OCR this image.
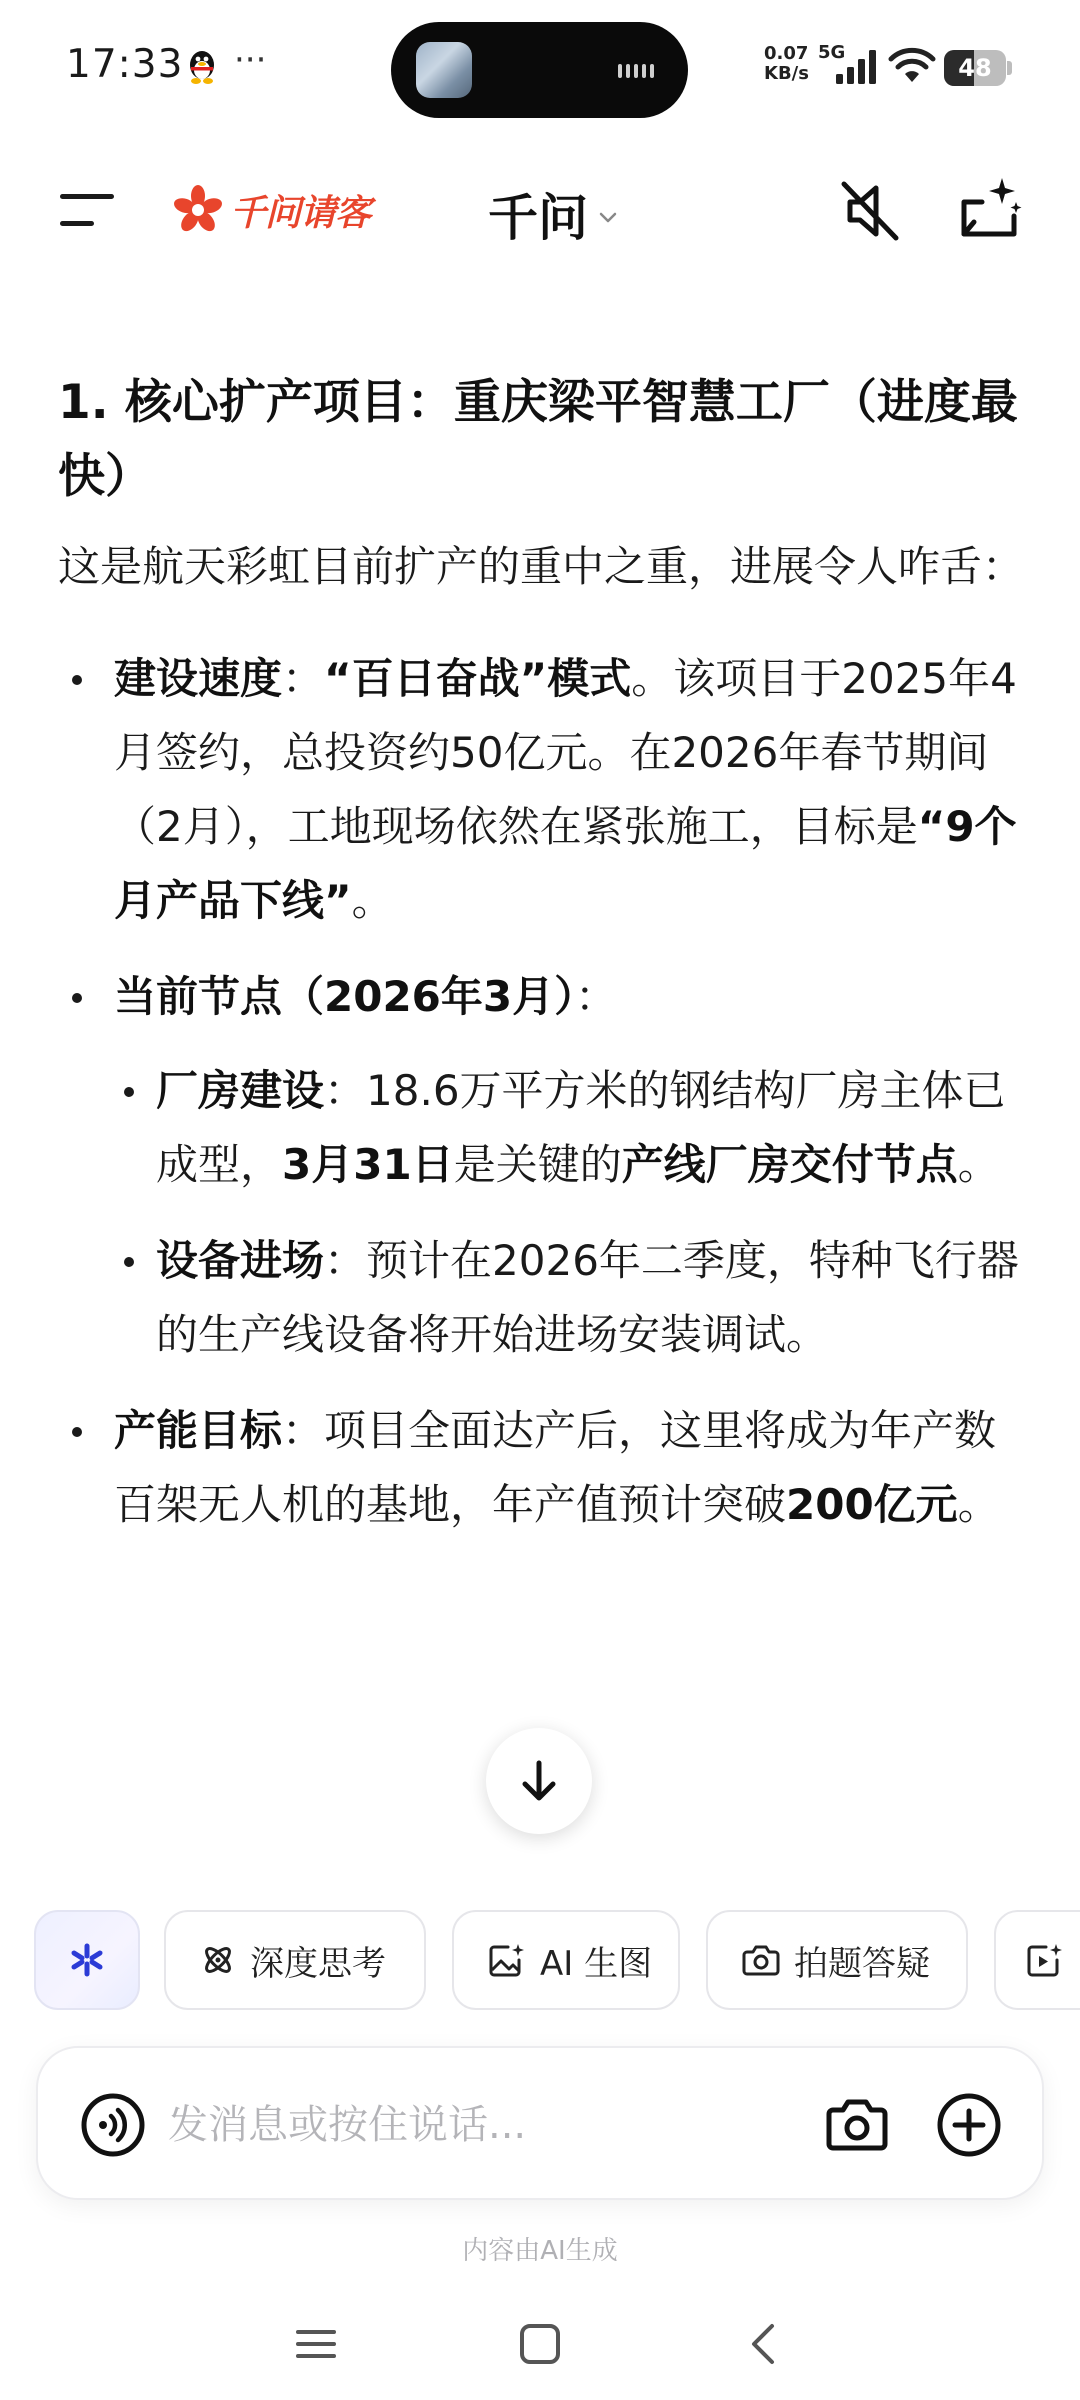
17:33 ···	0.07
KB/s
5G
48
千问请客 千问
1. 核心扩产项目：重庆梁平智慧工厂（进度最快）
这是航天彩虹目前扩产的重中之重，进展令人咋舌：
建设速度：“百日奋战”模式。该项目于2025年4月签约，总投资约50亿元。在2026年春节期间（2月），工地现场依然在紧张施工，目标是“9个月产品下线”。
当前节点（2026年3月）：
厂房建设：18.6万平方米的钢结构厂房主体已成型，3月31日是关键的产线厂房交付节点。
设备进场：预计在2026年二季度，特种飞行器的生产线设备将开始进场安装调试。
产能目标：项目全面达产后，这里将成为年产数百架无人机的基地，年产值预计突破200亿元。
深度思考	AI 生图	拍题答疑
发消息或按住说话...
内容由AI生成
